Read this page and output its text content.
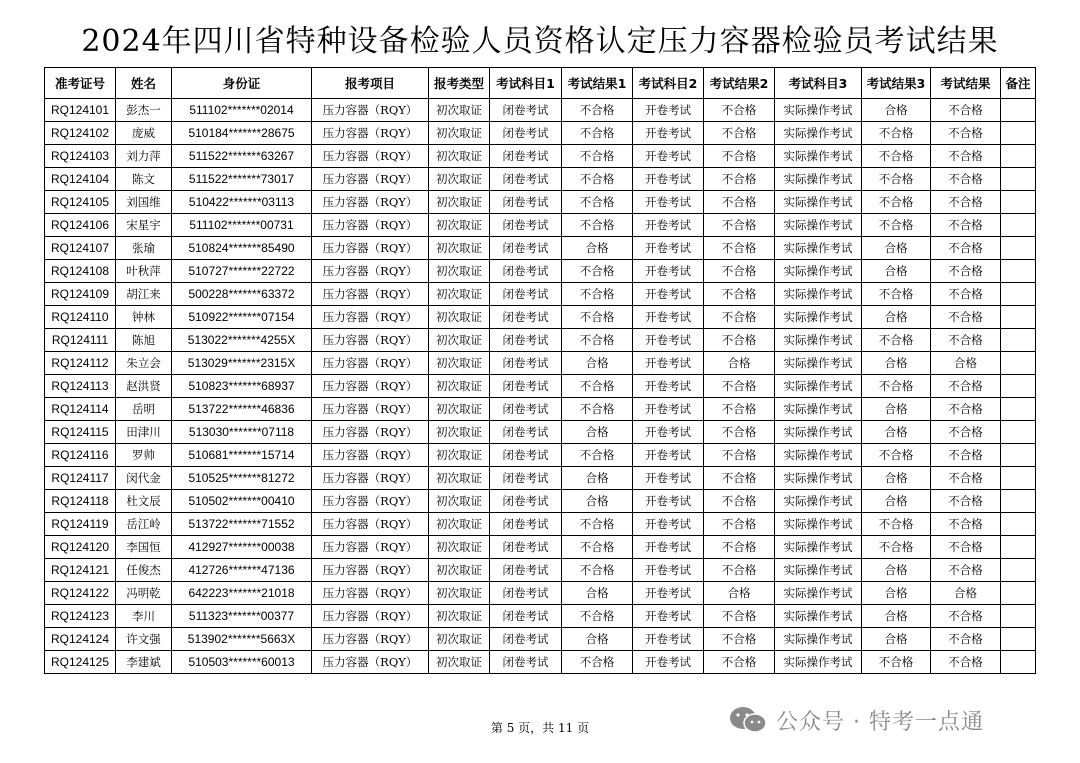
2024年四川省特种设备检验人员资格认定压力容器检验员考试结果
准考证号	姓名	身份证	报考项目	报考类型	考试科目1	考试结果1	考试科目2	考试结果2	考试科目3	考试结果3	考试结果	备注
RQ124101	彭杰一	511102*******02014	压力容器（RQY）	初次取证	闭卷考试	不合格	开卷考试	不合格	实际操作考试	合格	不合格	
RQ124102	庞威	510184*******28675	压力容器（RQY）	初次取证	闭卷考试	不合格	开卷考试	不合格	实际操作考试	不合格	不合格	
RQ124103	刘力萍	511522*******63267	压力容器（RQY）	初次取证	闭卷考试	不合格	开卷考试	不合格	实际操作考试	不合格	不合格	
RQ124104	陈文	511522*******73017	压力容器（RQY）	初次取证	闭卷考试	不合格	开卷考试	不合格	实际操作考试	不合格	不合格	
RQ124105	刘国维	510422*******03113	压力容器（RQY）	初次取证	闭卷考试	不合格	开卷考试	不合格	实际操作考试	不合格	不合格	
RQ124106	宋星宇	511102*******00731	压力容器（RQY）	初次取证	闭卷考试	不合格	开卷考试	不合格	实际操作考试	不合格	不合格	
RQ124107	张瑜	510824*******85490	压力容器（RQY）	初次取证	闭卷考试	合格	开卷考试	不合格	实际操作考试	合格	不合格	
RQ124108	叶秋萍	510727*******22722	压力容器（RQY）	初次取证	闭卷考试	不合格	开卷考试	不合格	实际操作考试	合格	不合格	
RQ124109	胡江来	500228*******63372	压力容器（RQY）	初次取证	闭卷考试	不合格	开卷考试	不合格	实际操作考试	不合格	不合格	
RQ124110	钟林	510922*******07154	压力容器（RQY）	初次取证	闭卷考试	不合格	开卷考试	不合格	实际操作考试	合格	不合格	
RQ124111	陈旭	513022*******4255X	压力容器（RQY）	初次取证	闭卷考试	不合格	开卷考试	不合格	实际操作考试	不合格	不合格	
RQ124112	朱立会	513029*******2315X	压力容器（RQY）	初次取证	闭卷考试	合格	开卷考试	合格	实际操作考试	合格	合格	
RQ124113	赵洪贤	510823*******68937	压力容器（RQY）	初次取证	闭卷考试	不合格	开卷考试	不合格	实际操作考试	不合格	不合格	
RQ124114	岳明	513722*******46836	压力容器（RQY）	初次取证	闭卷考试	不合格	开卷考试	不合格	实际操作考试	合格	不合格	
RQ124115	田津川	513030*******07118	压力容器（RQY）	初次取证	闭卷考试	合格	开卷考试	不合格	实际操作考试	合格	不合格	
RQ124116	罗帅	510681*******15714	压力容器（RQY）	初次取证	闭卷考试	不合格	开卷考试	不合格	实际操作考试	不合格	不合格	
RQ124117	闵代金	510525*******81272	压力容器（RQY）	初次取证	闭卷考试	合格	开卷考试	不合格	实际操作考试	合格	不合格	
RQ124118	杜文辰	510502*******00410	压力容器（RQY）	初次取证	闭卷考试	合格	开卷考试	不合格	实际操作考试	合格	不合格	
RQ124119	岳江岭	513722*******71552	压力容器（RQY）	初次取证	闭卷考试	不合格	开卷考试	不合格	实际操作考试	不合格	不合格	
RQ124120	李国恒	412927*******00038	压力容器（RQY）	初次取证	闭卷考试	不合格	开卷考试	不合格	实际操作考试	不合格	不合格	
RQ124121	任俊杰	412726*******47136	压力容器（RQY）	初次取证	闭卷考试	不合格	开卷考试	不合格	实际操作考试	合格	不合格	
RQ124122	冯明乾	642223*******21018	压力容器（RQY）	初次取证	闭卷考试	合格	开卷考试	合格	实际操作考试	合格	合格	
RQ124123	李川	511323*******00377	压力容器（RQY）	初次取证	闭卷考试	不合格	开卷考试	不合格	实际操作考试	合格	不合格	
RQ124124	许文强	513902*******5663X	压力容器（RQY）	初次取证	闭卷考试	合格	开卷考试	不合格	实际操作考试	合格	不合格	
RQ124125	李建斌	510503*******60013	压力容器（RQY）	初次取证	闭卷考试	不合格	开卷考试	不合格	实际操作考试	不合格	不合格	
第 5 页，共 11 页	公众号 · 特考一点通
